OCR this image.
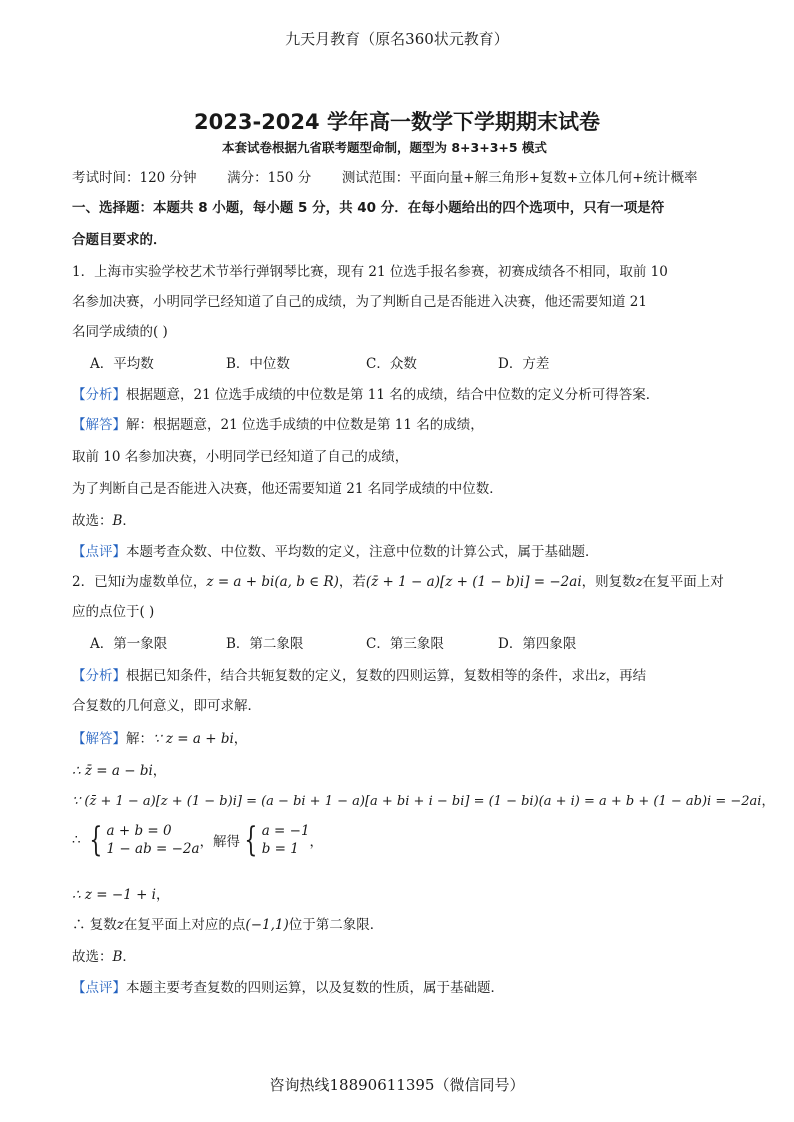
九天月教育（原名360状元教育）
2023-2024 学年高一数学下学期期末试卷
本套试卷根据九省联考题型命制，题型为 8+3+3+5 模式
考试时间：120 分钟 满分：150 分 测试范围：平面向量+解三角形+复数+立体几何+统计概率
一、选择题：本题共 8 小题，每小题 5 分，共 40 分．在每小题给出的四个选项中，只有一项是符
合题目要求的．
1．上海市实验学校艺术节举行弹钢琴比赛，现有 21 位选手报名参赛，初赛成绩各不相同，取前 10
名参加决赛，小明同学已经知道了自己的成绩，为了判断自己是否能进入决赛，他还需要知道 21
名同学成绩的( )
A．平均数	B．中位数	C．众数	D．方差
【分析】根据题意，21 位选手成绩的中位数是第 11 名的成绩，结合中位数的定义分析可得答案．
【解答】解：根据题意，21 位选手成绩的中位数是第 11 名的成绩，
取前 10 名参加决赛，小明同学已经知道了自己的成绩，
为了判断自己是否能进入决赛，他还需要知道 21 名同学成绩的中位数．
故选：B．
【点评】本题考查众数、中位数、平均数的定义，注意中位数的计算公式，属于基础题．
2．已知i为虚数单位，z = a + bi(a, b ∈ R)，若(z̄ + 1 − a)[z + (1 − b)i] = −2ai，则复数z在复平面上对
应的点位于( )
A．第一象限	B．第二象限	C．第三象限	D．第四象限
【分析】根据已知条件，结合共轭复数的定义，复数的四则运算，复数相等的条件，求出z，再结
合复数的几何意义，即可求解．
【解答】解：∵ z = a + bi，
∴ z̄ = a − bi，
∵ (z̄ + 1 − a)[z + (1 − b)i] = (a − bi + 1 − a)[a + bi + i − bi] = (1 − bi)(a + i) = a + b + (1 − ab)i = −2ai，
∴ { a + b = 0
1 − ab = −2a，解得 { a = −1
b = 1 ，
∴ z = −1 + i，
∴ 复数z在复平面上对应的点(−1,1)位于第二象限．
故选：B．
【点评】本题主要考查复数的四则运算，以及复数的性质，属于基础题．
咨询热线18890611395（微信同号）
